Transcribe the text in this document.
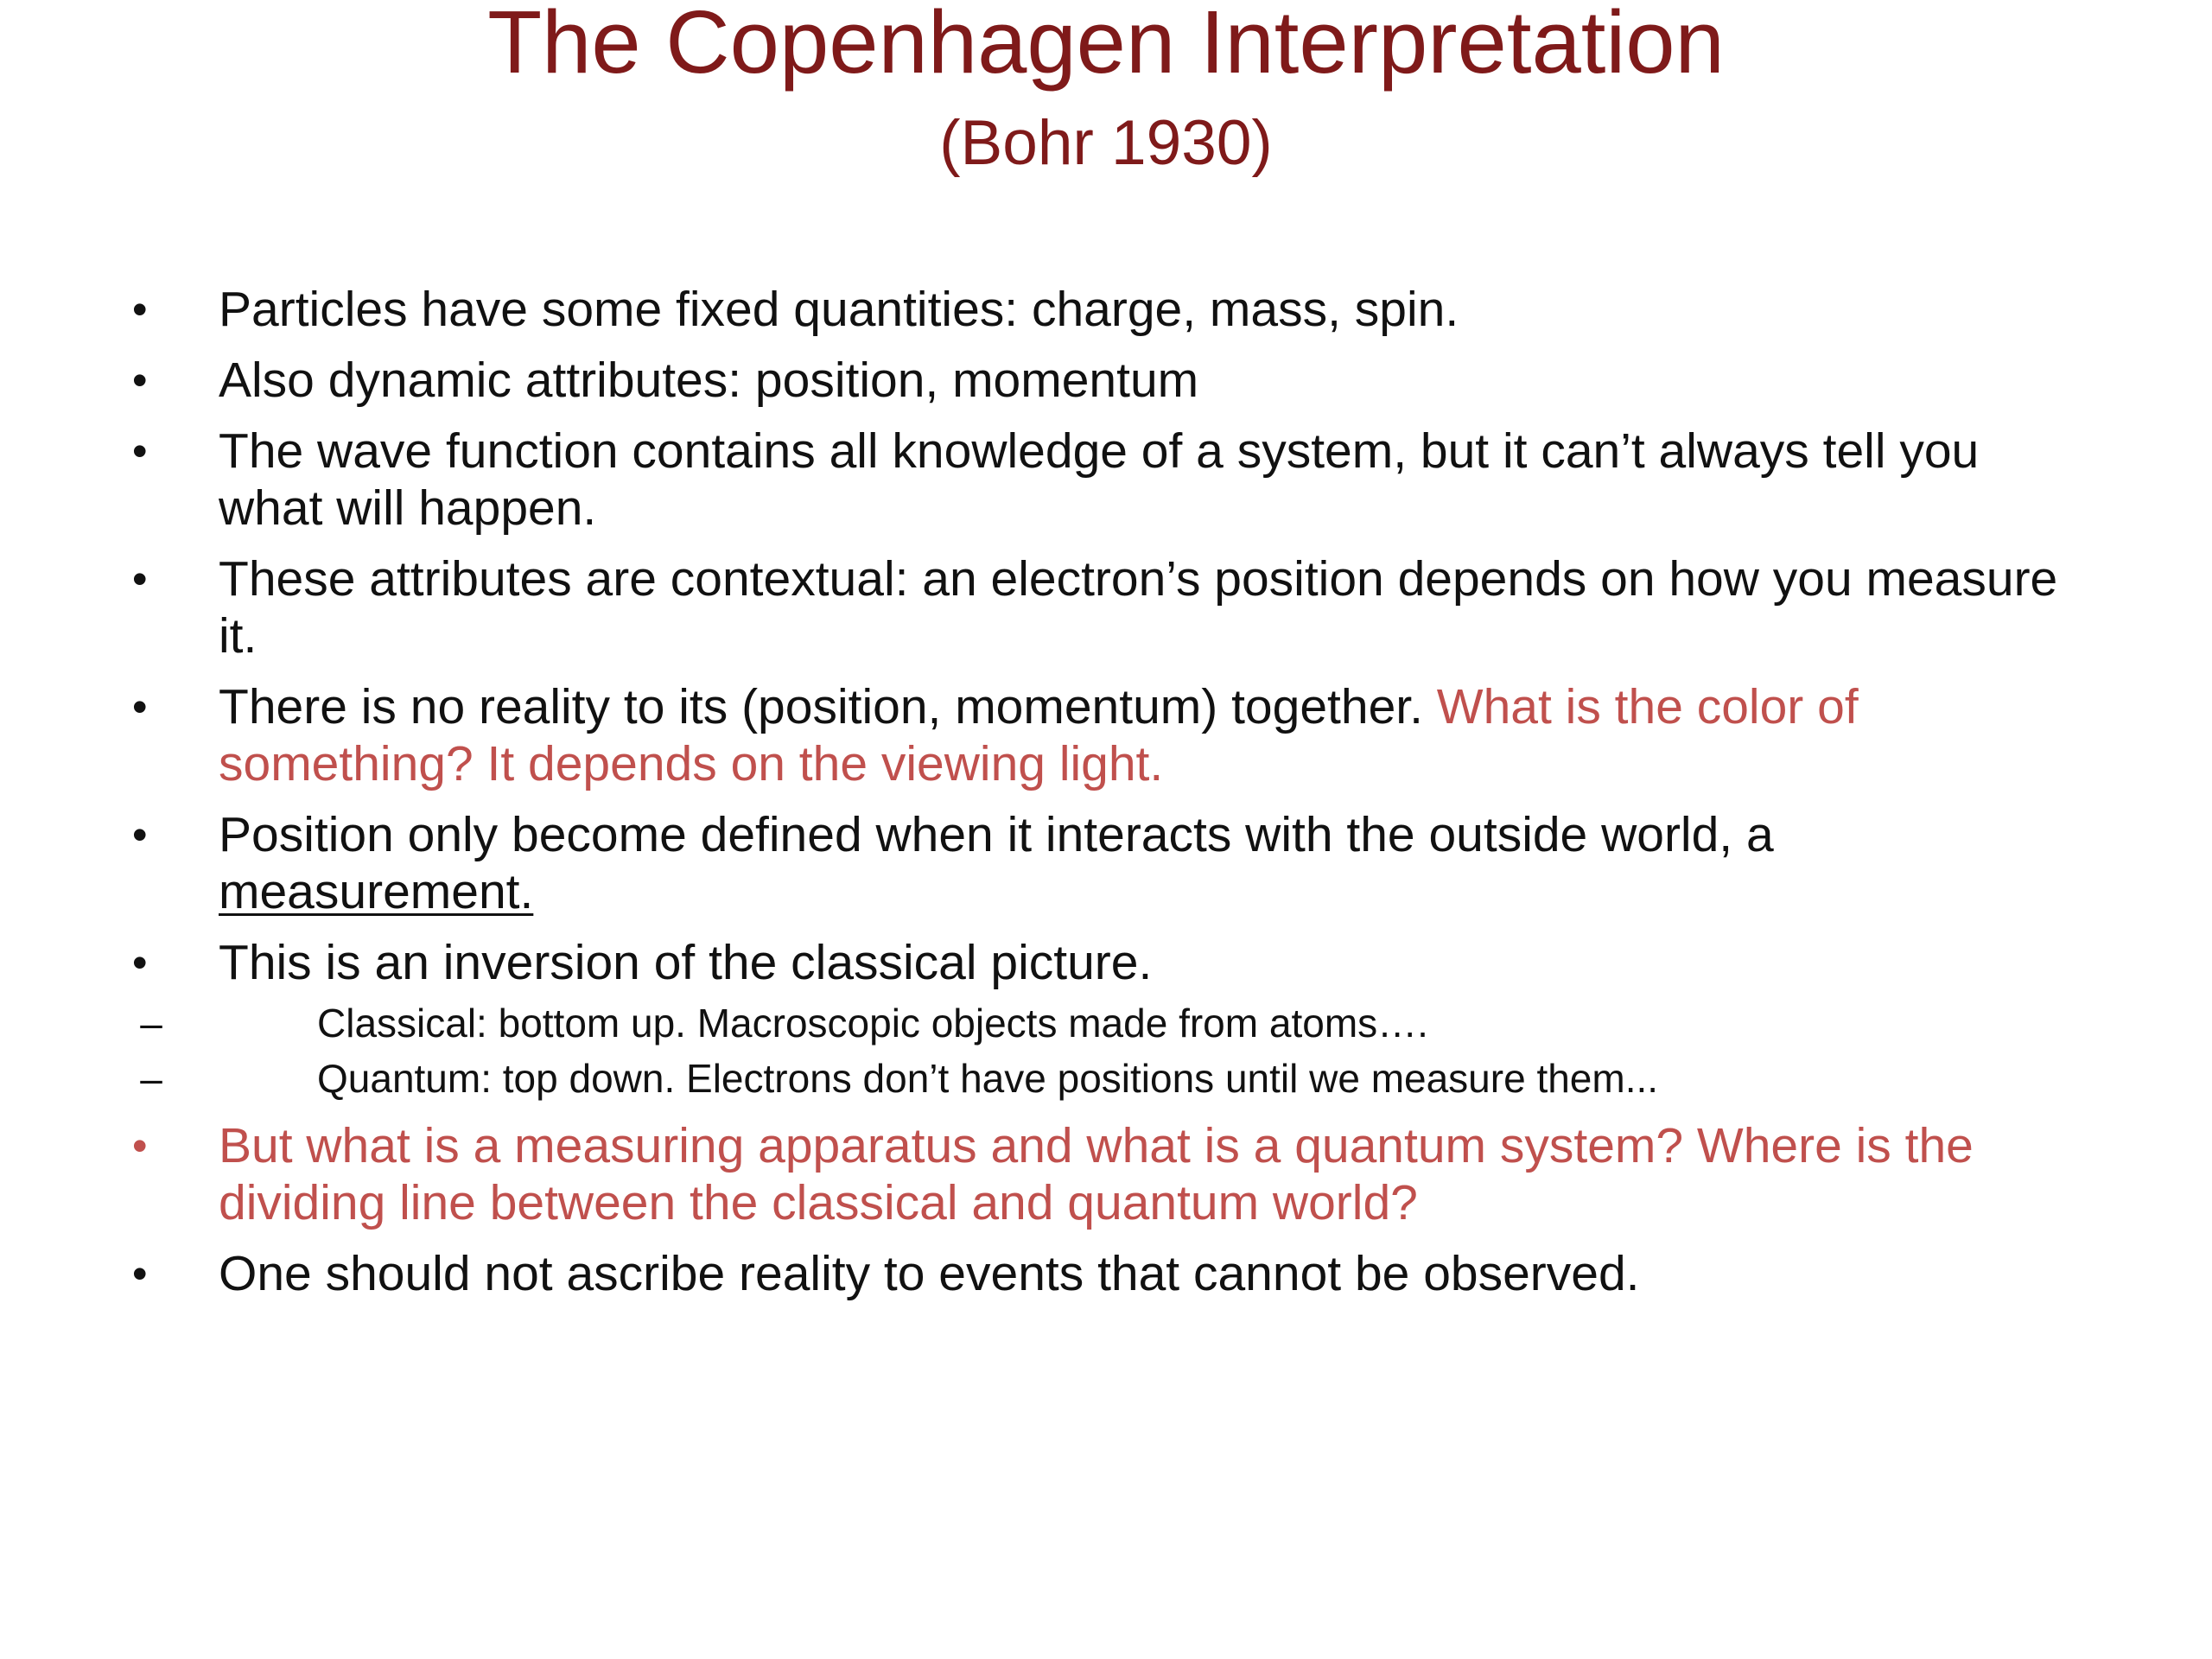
The Copenhagen Interpretation
(Bohr 1930)
•	Particles have some fixed quantities: charge, mass, spin.
•	Also dynamic attributes: position, momentum
•	The wave function contains all knowledge of a system, but it can’t always tell you what will happen.
•	These attributes are contextual: an electron’s position depends on how you measure it.
•	There is no reality to its (position, momentum) together. What is the color of something? It depends on the viewing light.
•	Position only become defined when it interacts with the outside world, a measurement.
•	This is an inversion of the classical picture.
–	Classical: bottom up. Macroscopic objects made from atoms….
–	Quantum: top down. Electrons don’t have positions until we measure them...
•	But what is a measuring apparatus and what is a quantum system? Where is the dividing line between the classical and quantum world?
•	One should not ascribe reality to events that cannot be observed.
